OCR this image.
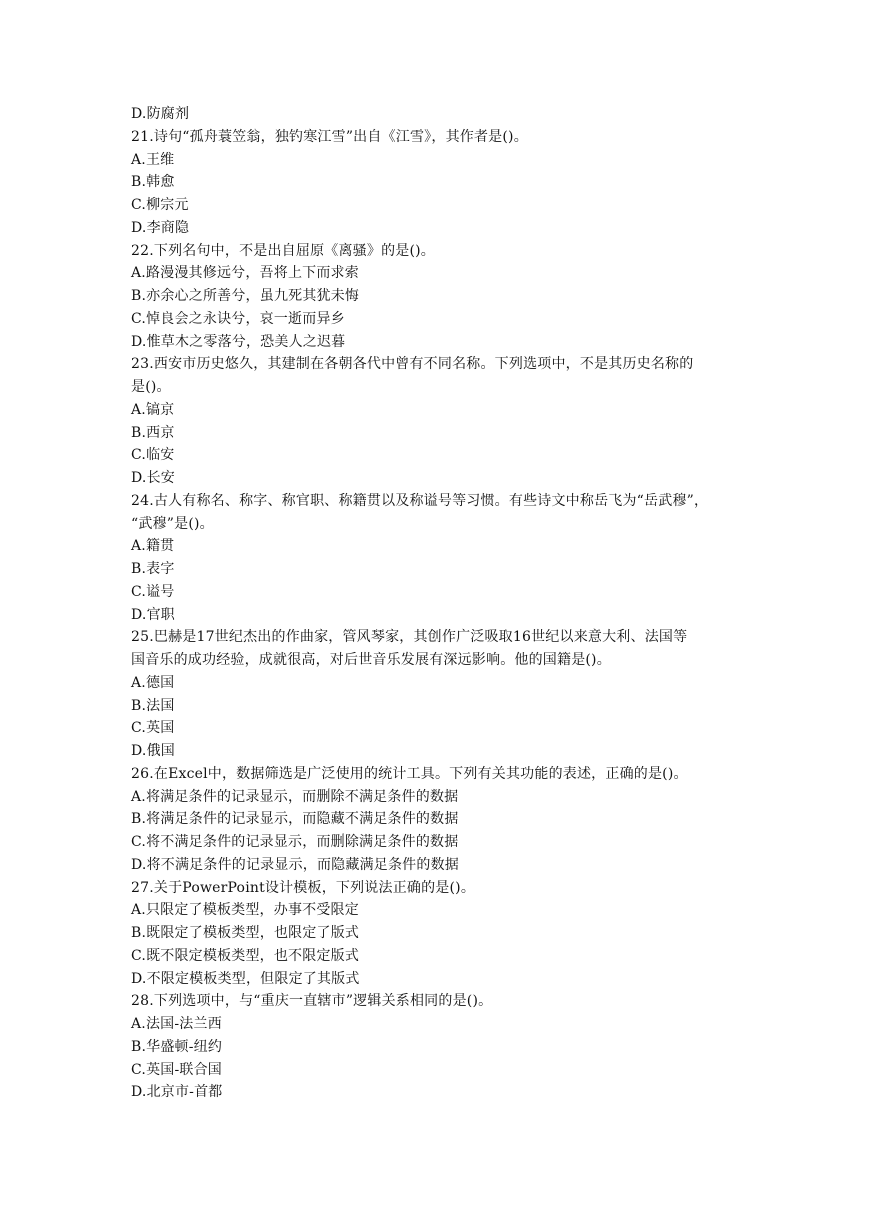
D.防腐剂
21.诗句“孤舟蓑笠翁，独钓寒江雪”出自《江雪》，其作者是()。
A.王维
B.韩愈
C.柳宗元
D.李商隐
22.下列名句中，不是出自屈原《离骚》的是()。
A.路漫漫其修远兮，吾将上下而求索
B.亦余心之所善兮，虽九死其犹未悔
C.悼良会之永诀兮，哀一逝而异乡
D.惟草木之零落兮，恐美人之迟暮
23.西安市历史悠久，其建制在各朝各代中曾有不同名称。下列选项中，不是其历史名称的
是()。
A.镐京
B.西京
C.临安
D.长安
24.古人有称名、称字、称官职、称籍贯以及称谥号等习惯。有些诗文中称岳飞为“岳武穆”，
“武穆”是()。
A.籍贯
B.表字
C.谥号
D.官职
25.巴赫是17世纪杰出的作曲家，管风琴家，其创作广泛吸取16世纪以来意大利、法国等
国音乐的成功经验，成就很高，对后世音乐发展有深远影响。他的国籍是()。
A.德国
B.法国
C.英国
D.俄国
26.在Excel中，数据筛选是广泛使用的统计工具。下列有关其功能的表述，正确的是()。
A.将满足条件的记录显示，而删除不满足条件的数据
B.将满足条件的记录显示，而隐藏不满足条件的数据
C.将不满足条件的记录显示，而删除满足条件的数据
D.将不满足条件的记录显示，而隐藏满足条件的数据
27.关于PowerPoint设计模板，下列说法正确的是()。
A.只限定了模板类型，办事不受限定
B.既限定了模板类型，也限定了版式
C.既不限定模板类型，也不限定版式
D.不限定模板类型，但限定了其版式
28.下列选项中，与“重庆一直辖市”逻辑关系相同的是()。
A.法国-法兰西
B.华盛顿-纽约
C.英国-联合国
D.北京市-首都
